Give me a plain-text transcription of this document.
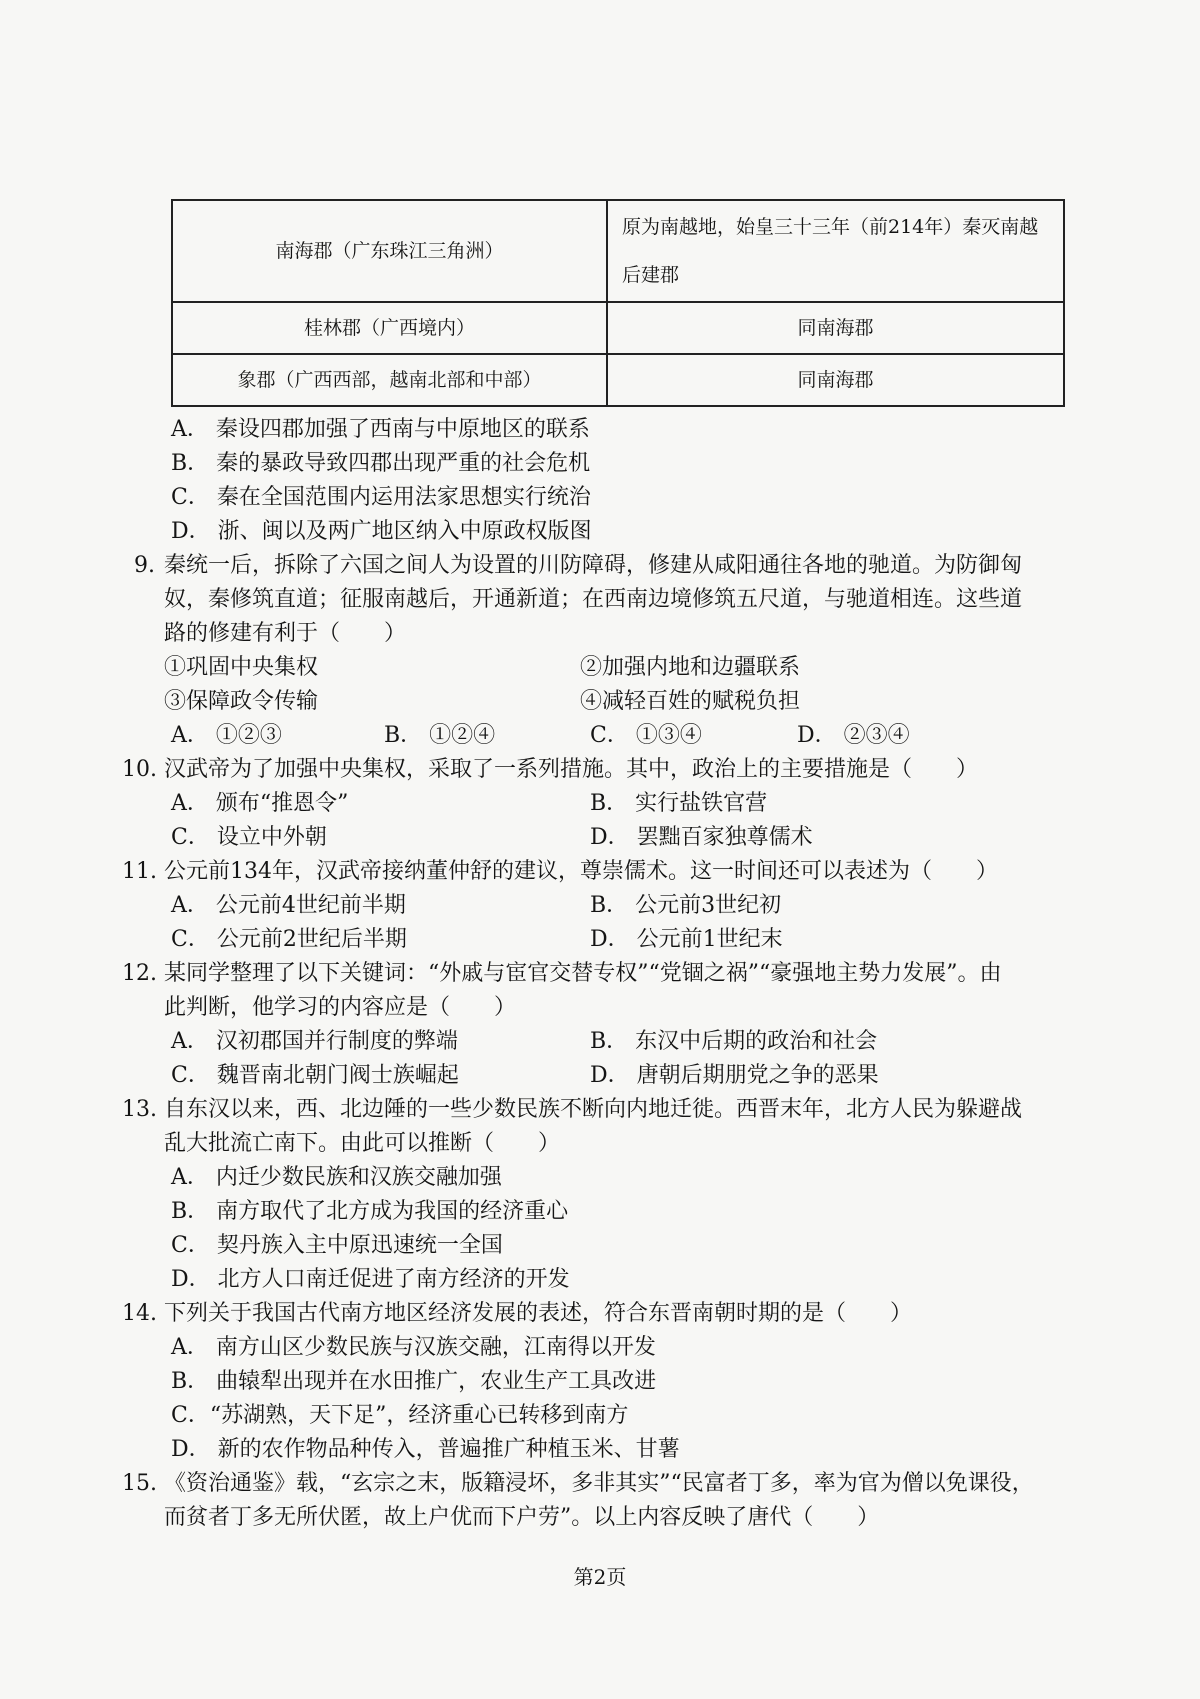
南海郡（广东珠江三角洲）	原为南越地，始皇三十三年（前214年）秦灭南越后建郡
桂林郡（广西境内）	同南海郡
象郡（广西西部，越南北部和中部）	同南海郡
A． 秦设四郡加强了西南与中原地区的联系
B． 秦的暴政导致四郡出现严重的社会危机
C． 秦在全国范围内运用法家思想实行统治
D． 浙、闽以及两广地区纳入中原政权版图
9. 秦统一后，拆除了六国之间人为设置的川防障碍，修建从咸阳通往各地的驰道。为防御匈
奴，秦修筑直道；征服南越后，开通新道；在西南边境修筑五尺道，与驰道相连。这些道
路的修建有利于（　　）
①巩固中央集权	②加强内地和边疆联系
③保障政令传输	④减轻百姓的赋税负担
A． ①②③	B． ①②④	C． ①③④	D． ②③④
10. 汉武帝为了加强中央集权，采取了一系列措施。其中，政治上的主要措施是（　　）
A． 颁布“推恩令”	B． 实行盐铁官营
C． 设立中外朝	D． 罢黜百家独尊儒术
11. 公元前134年，汉武帝接纳董仲舒的建议，尊崇儒术。这一时间还可以表述为（　　）
A． 公元前4世纪前半期	B． 公元前3世纪初
C． 公元前2世纪后半期	D． 公元前1世纪末
12. 某同学整理了以下关键词：“外戚与宦官交替专权”“党锢之祸”“豪强地主势力发展”。由
此判断，他学习的内容应是（　　）
A． 汉初郡国并行制度的弊端	B． 东汉中后期的政治和社会
C． 魏晋南北朝门阀士族崛起	D． 唐朝后期朋党之争的恶果
13. 自东汉以来，西、北边陲的一些少数民族不断向内地迁徙。西晋末年，北方人民为躲避战
乱大批流亡南下。由此可以推断（　　）
A． 内迁少数民族和汉族交融加强
B． 南方取代了北方成为我国的经济重心
C． 契丹族入主中原迅速统一全国
D． 北方人口南迁促进了南方经济的开发
14. 下列关于我国古代南方地区经济发展的表述，符合东晋南朝时期的是（　　）
A． 南方山区少数民族与汉族交融，江南得以开发
B． 曲辕犁出现并在水田推广，农业生产工具改进
C．“苏湖熟，天下足”，经济重心已转移到南方
D． 新的农作物品种传入，普遍推广种植玉米、甘薯
15. 《资治通鉴》载，“玄宗之末，版籍浸坏，多非其实”“民富者丁多，率为官为僧以免课役，
而贫者丁多无所伏匿，故上户优而下户劳”。以上内容反映了唐代（　　）
第2页
